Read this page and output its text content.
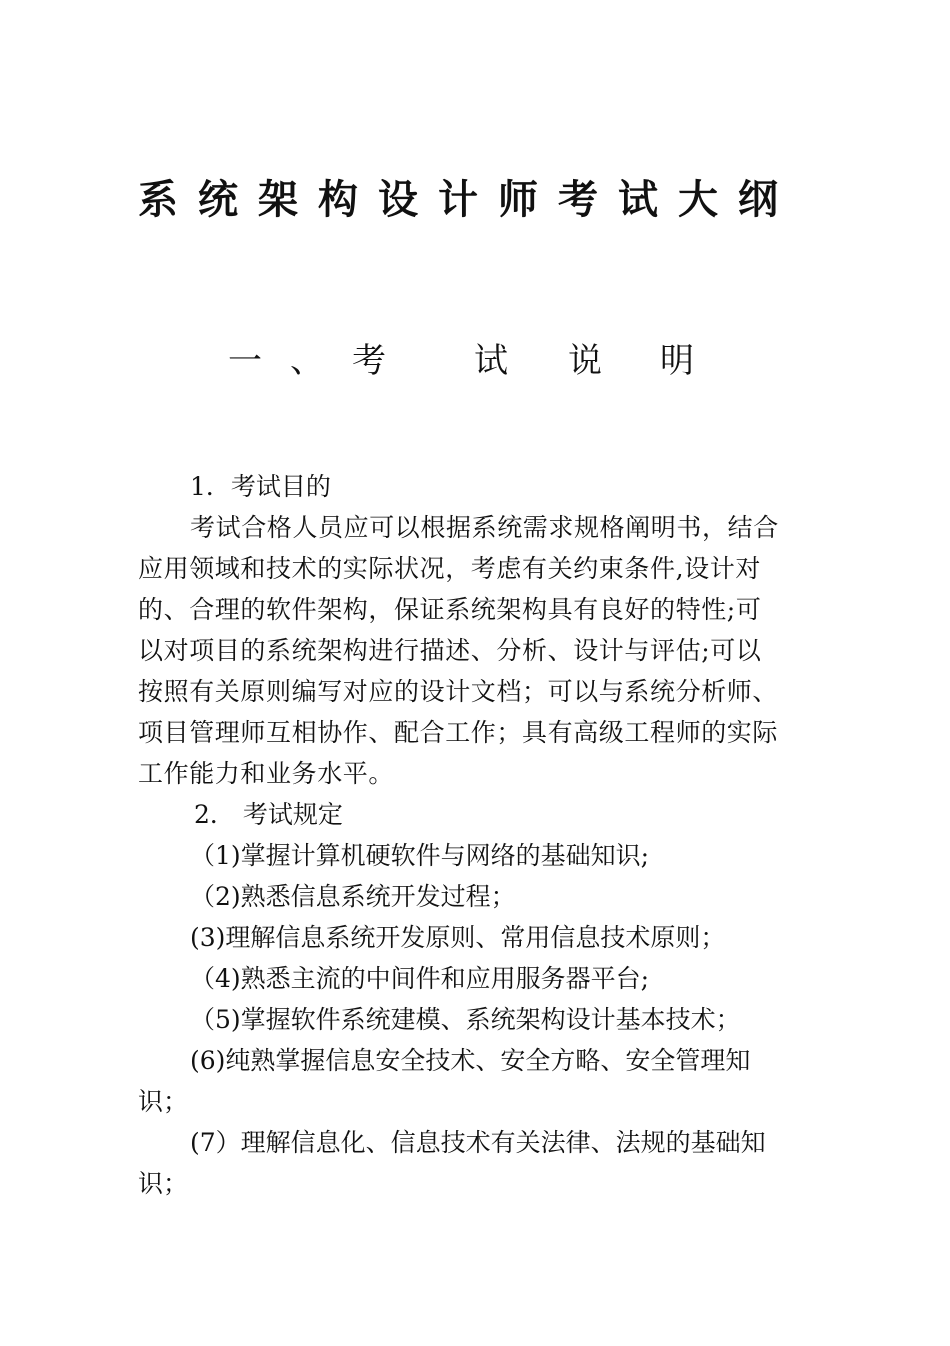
系统架构设计师考试大纲
一 、 考	试 说 明
1．考试目的
考试合格人员应可以根据系统需求规格阐明书，结合
应用领域和技术的实际状况，考虑有关约束条件,设计对
的、合理的软件架构，保证系统架构具有良好的特性;可
以对项目的系统架构进行描述、分析、设计与评估;可以
按照有关原则编写对应的设计文档；可以与系统分析师、
项目管理师互相协作、配合工作；具有高级工程师的实际
工作能力和业务水平。
2． 考试规定
（1)掌握计算机硬软件与网络的基础知识;
（2)熟悉信息系统开发过程；
(3)理解信息系统开发原则、常用信息技术原则；
（4)熟悉主流的中间件和应用服务器平台;
（5)掌握软件系统建模、系统架构设计基本技术；
(6)纯熟掌握信息安全技术、安全方略、安全管理知
识；
(7）理解信息化、信息技术有关法律、法规的基础知
识；
